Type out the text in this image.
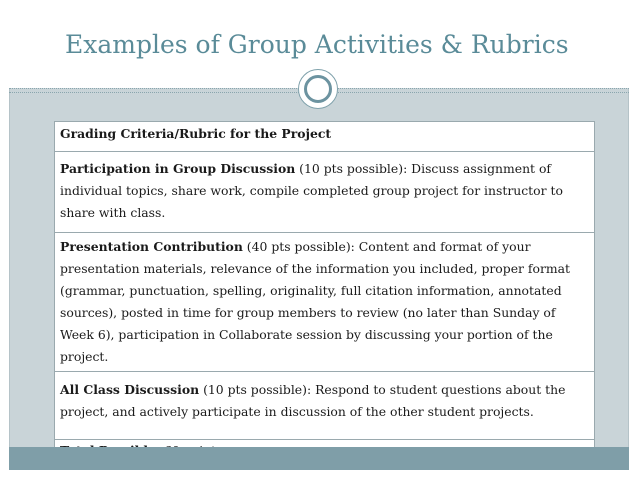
Examples of Group Activities & Rubrics
Grading Criteria/Rubric for the Project
Participation in Group Discussion (10 pts possible): Discuss assignment of individual topics, share work, compile completed group project for instructor to share with class.
Presentation Contribution (40 pts possible): Content and format of your presentation materials, relevance of the information you included, proper format (grammar, punctuation, spelling, originality, full citation information, annotated sources), posted in time for group members to review (no later than Sunday of Week 6), participation in Collaborate session by discussing your portion of the project.
All Class Discussion (10 pts possible): Respond to student questions about the project, and actively participate in discussion of the other student projects.
